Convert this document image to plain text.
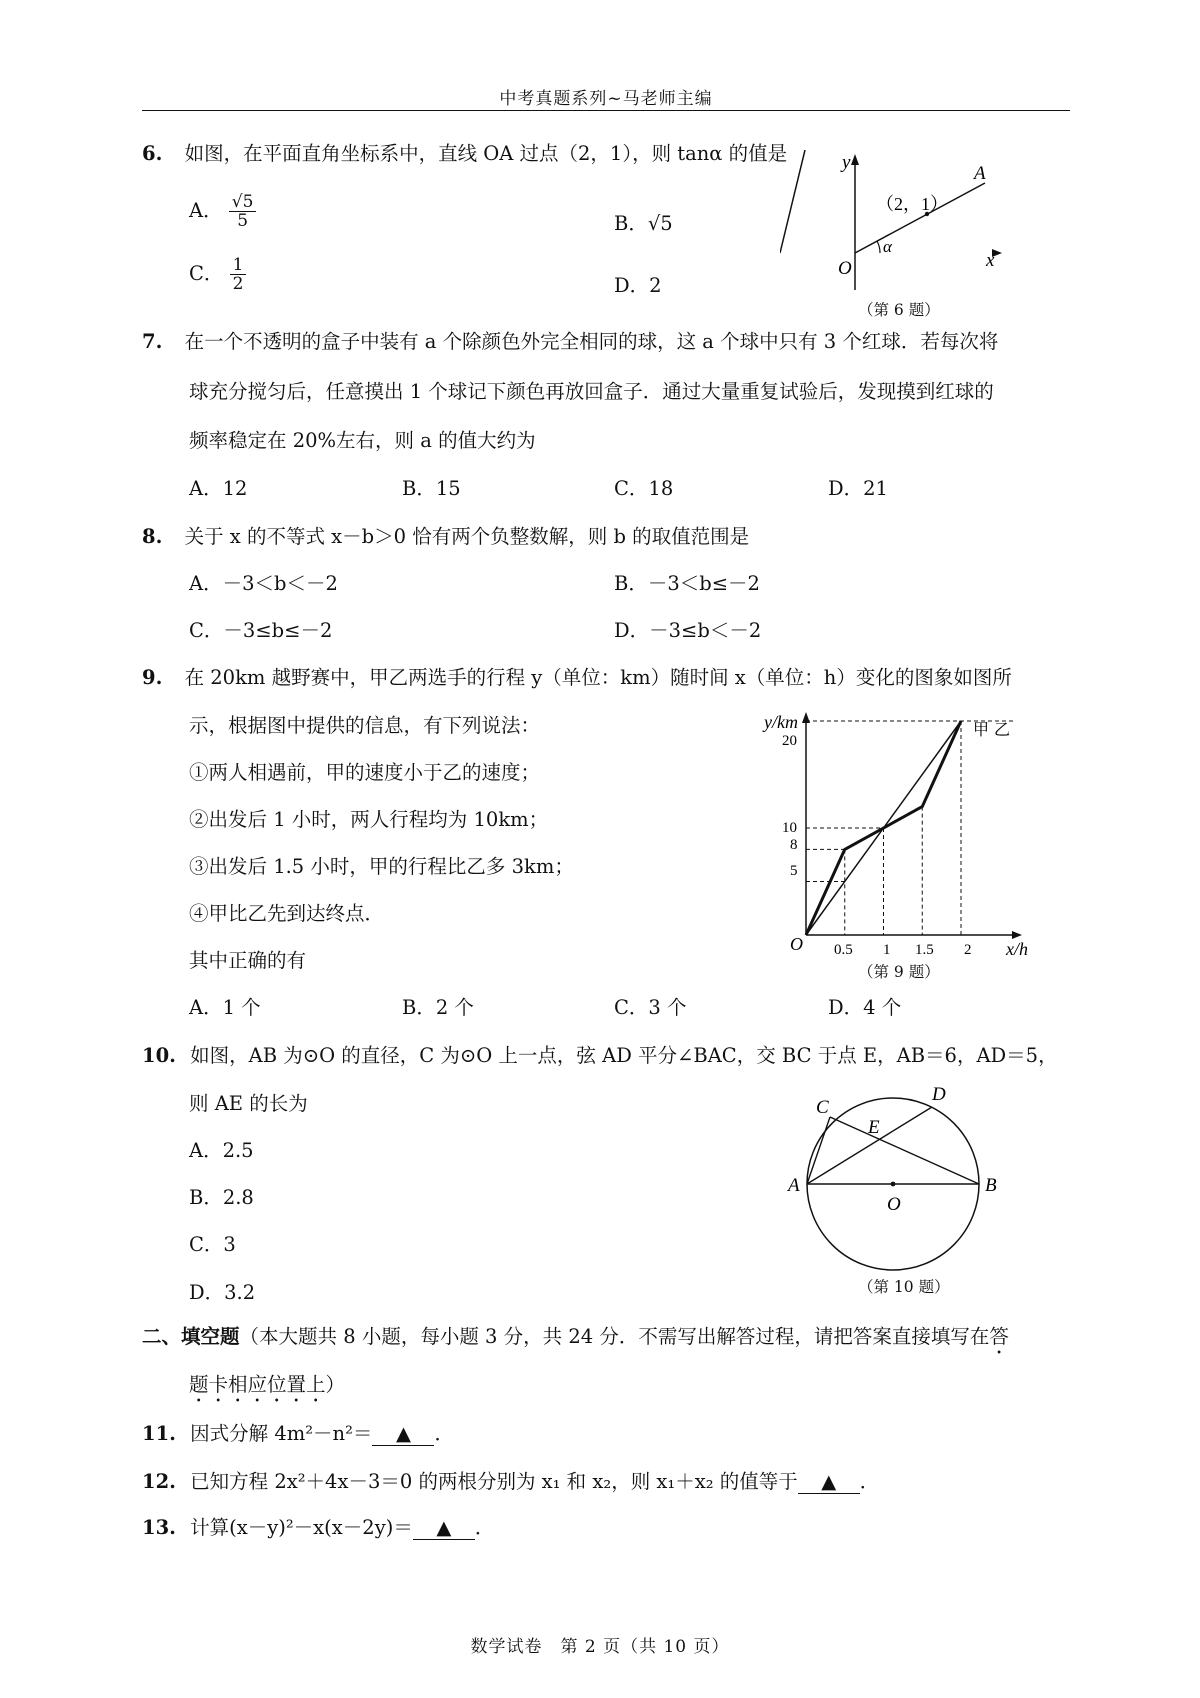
中考真题系列~马老师主编
6. 如图，在平面直角坐标系中，直线 OA 过点（2，1），则 tanα 的值是
A． $\frac{√5}{5}$	B．√5
C． $\frac{1}{2}$	D．2
y
x
O
A
（2，1）
α
（第 6 题）
7. 在一个不透明的盒子中装有 a 个除颜色外完全相同的球，这 a 个球中只有 3 个红球．若每次将
球充分搅匀后，任意摸出 1 个球记下颜色再放回盒子．通过大量重复试验后，发现摸到红球的
频率稳定在 20%左右，则 a 的值大约为
A．12	B．15	C．18	D．21
8. 关于 x 的不等式 x－b＞0 恰有两个负整数解，则 b 的取值范围是
A．－3＜b＜－2	B．－3＜b≤－2
C．－3≤b≤－2	D．－3≤b＜－2
9. 在 20km 越野赛中，甲乙两选手的行程 y（单位：km）随时间 x（单位：h）变化的图象如图所
示，根据图中提供的信息，有下列说法：
①两人相遇前，甲的速度小于乙的速度；
②出发后 1 小时，两人行程均为 10km；
③出发后 1.5 小时，甲的行程比乙多 3km；
④甲比乙先到达终点．
其中正确的有
A．1 个	B．2 个	C．3 个	D．4 个
y/km
x/h
O
20
10
8
5
0.5 1 1.5 2
甲 乙
（第 9 题）
10. 如图，AB 为⊙O 的直径，C 为⊙O 上一点，弦 AD 平分∠BAC，交 BC 于点 E，AB＝6，AD＝5，
则 AE 的长为
A．2.5
B．2.8
C．3
D．3.2
A	B
C
D
E
O
（第 10 题）
二、填空题（本大题共 8 小题，每小题 3 分，共 24 分．不需写出解答过程，请把答案直接填写在答
题卡相应位置上）
11. 因式分解 4m²－n²＝ ▲ ．
12. 已知方程 2x²＋4x－3＝0 的两根分别为 x₁ 和 x₂，则 x₁＋x₂ 的值等于 ▲ ．
13. 计算(x－y)²－x(x－2y)＝ ▲ ．
数学试卷　第 2 页（共 10 页）
